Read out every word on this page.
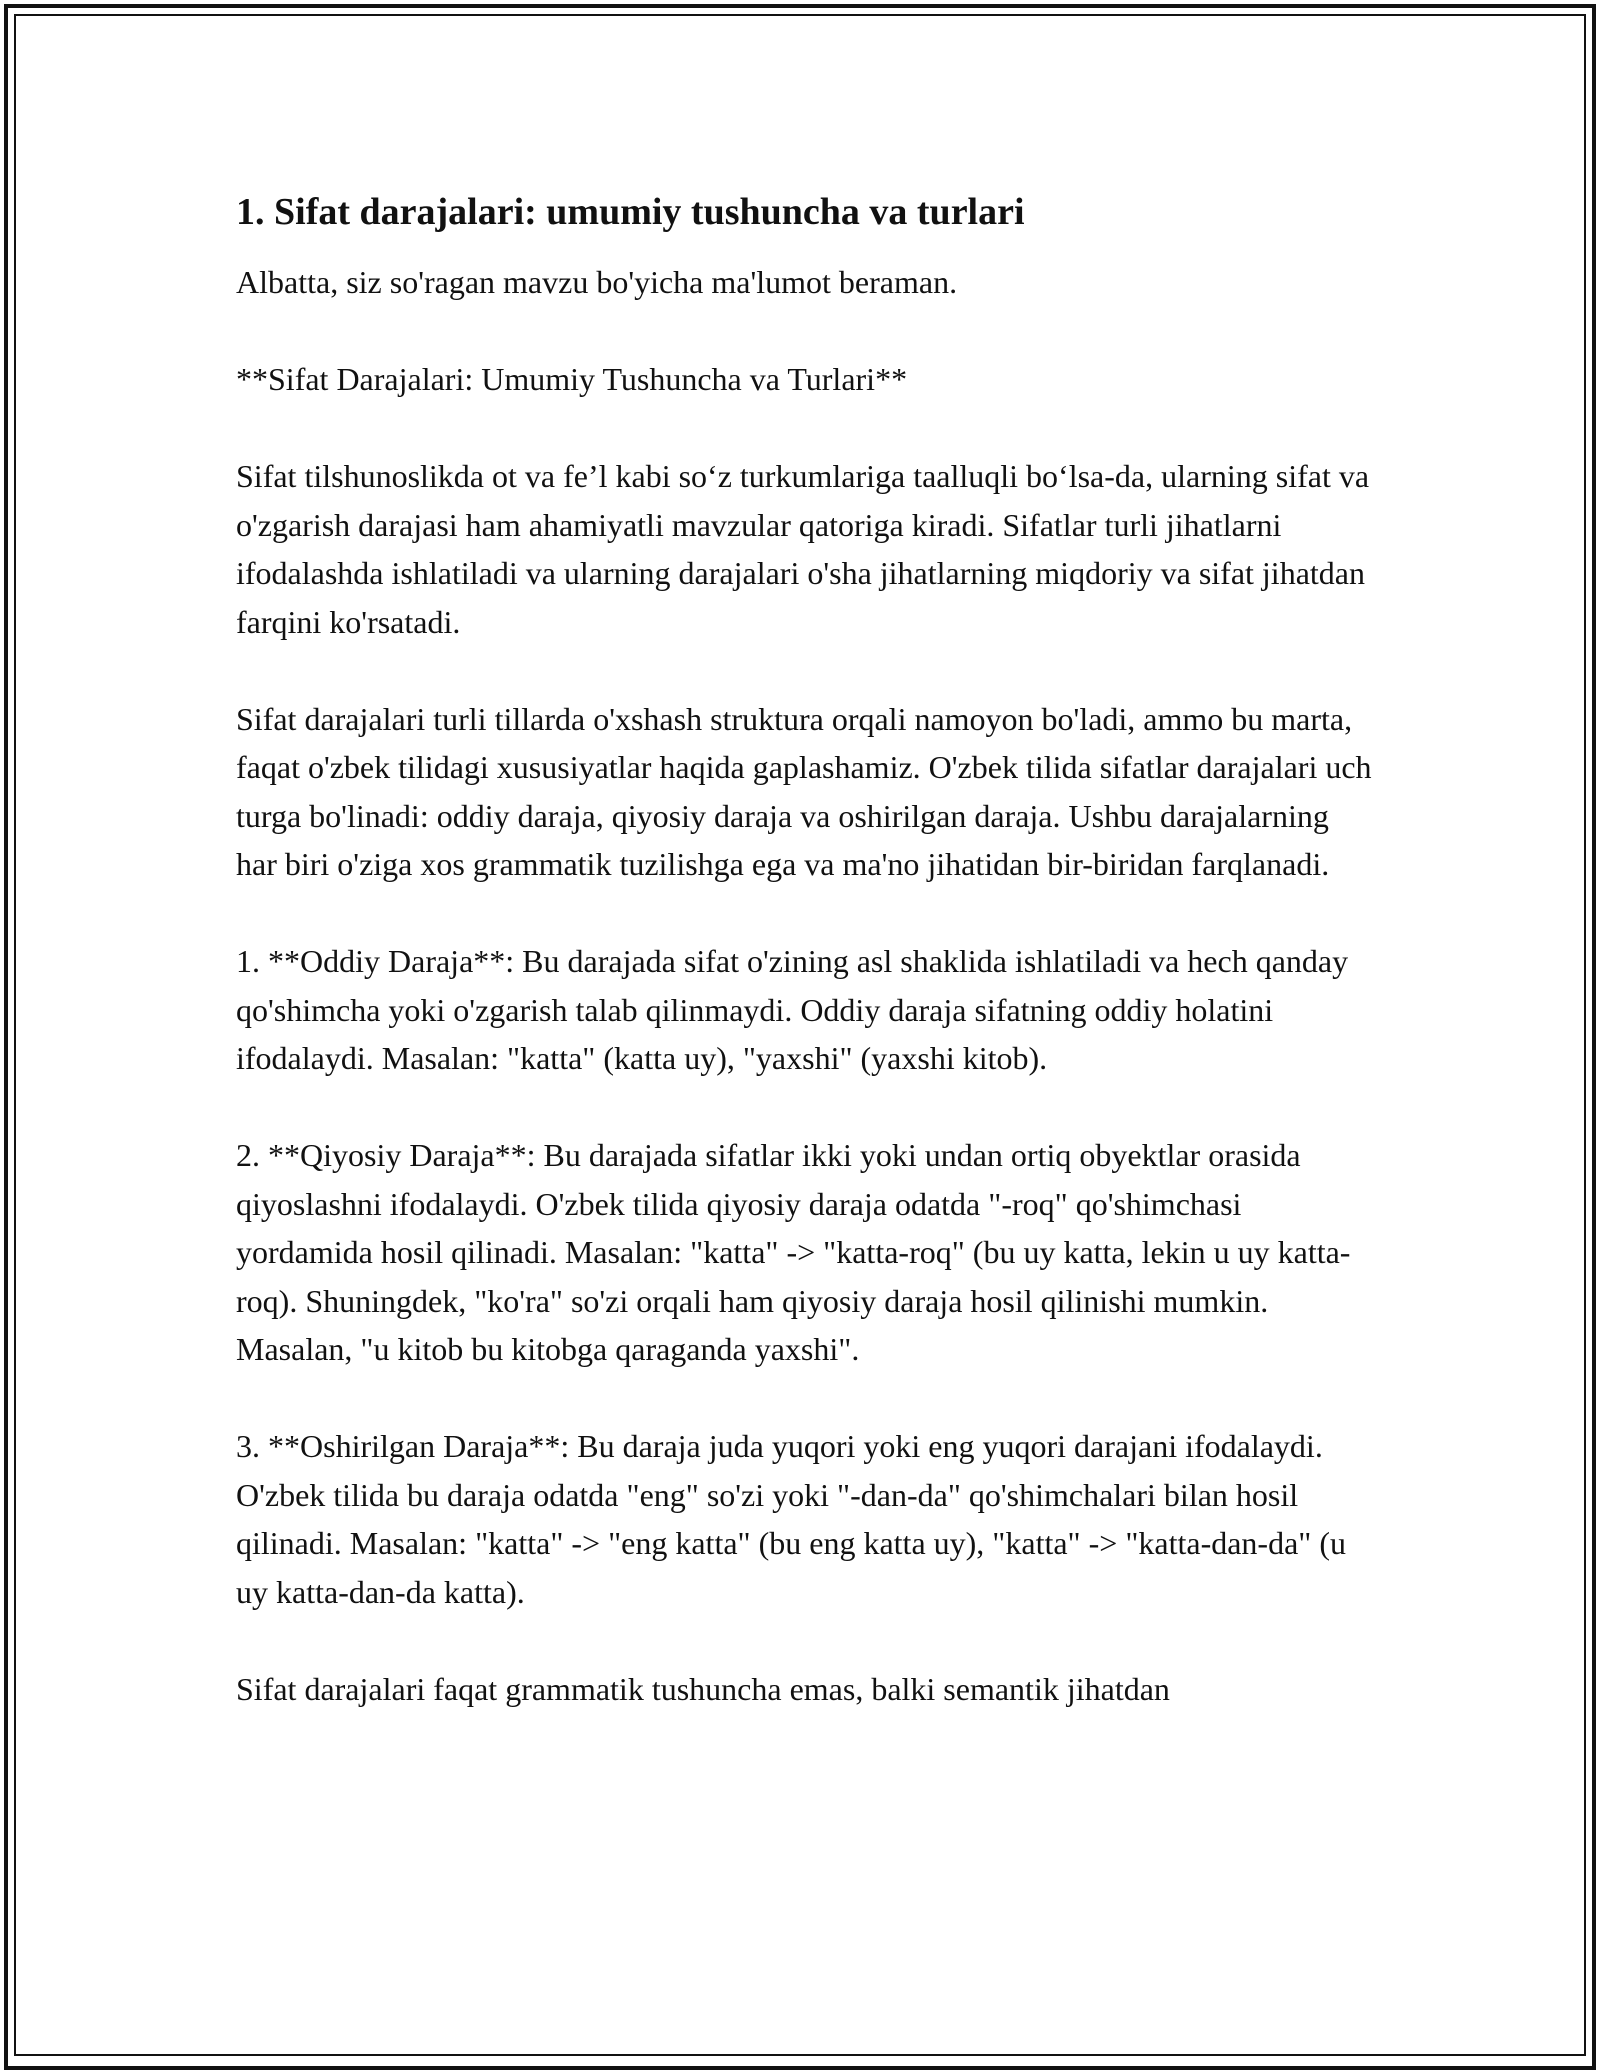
1. Sifat darajalari: umumiy tushuncha va turlari

Albatta, siz so'ragan mavzu bo'yicha ma'lumot beraman.

**Sifat Darajalari: Umumiy Tushuncha va Turlari**

Sifat tilshunoslikda ot va fe’l kabi so‘z turkumlariga taalluqli bo‘lsa-da, ularning sifat va o'zgarish darajasi ham ahamiyatli mavzular qatoriga kiradi. Sifatlar turli jihatlarni ifodalashda ishlatiladi va ularning darajalari o'sha jihatlarning miqdoriy va sifat jihatdan farqini ko'rsatadi.

Sifat darajalari turli tillarda o'xshash struktura orqali namoyon bo'ladi, ammo bu marta, faqat o'zbek tilidagi xususiyatlar haqida gaplashamiz. O'zbek tilida sifatlar darajalari uch turga bo'linadi: oddiy daraja, qiyosiy daraja va oshirilgan daraja. Ushbu darajalarning har biri o'ziga xos grammatik tuzilishga ega va ma'no jihatidan bir-biridan farqlanadi.

1. **Oddiy Daraja**: Bu darajada sifat o'zining asl shaklida ishlatiladi va hech qanday qo'shimcha yoki o'zgarish talab qilinmaydi. Oddiy daraja sifatning oddiy holatini ifodalaydi. Masalan: "katta" (katta uy), "yaxshi" (yaxshi kitob).

2. **Qiyosiy Daraja**: Bu darajada sifatlar ikki yoki undan ortiq obyektlar orasida qiyoslashni ifodalaydi. O'zbek tilida qiyosiy daraja odatda "-roq" qo'shimchasi yordamida hosil qilinadi. Masalan: "katta" -> "katta-roq" (bu uy katta, lekin u uy katta-roq). Shuningdek, "ko'ra" so'zi orqali ham qiyosiy daraja hosil qilinishi mumkin. Masalan, "u kitob bu kitobga qaraganda yaxshi".

3. **Oshirilgan Daraja**: Bu daraja juda yuqori yoki eng yuqori darajani ifodalaydi. O'zbek tilida bu daraja odatda "eng" so'zi yoki "-dan-da" qo'shimchalari bilan hosil qilinadi. Masalan: "katta" -> "eng katta" (bu eng katta uy), "katta" -> "katta-dan-da" (u uy katta-dan-da katta).

Sifat darajalari faqat grammatik tushuncha emas, balki semantik jihatdan
